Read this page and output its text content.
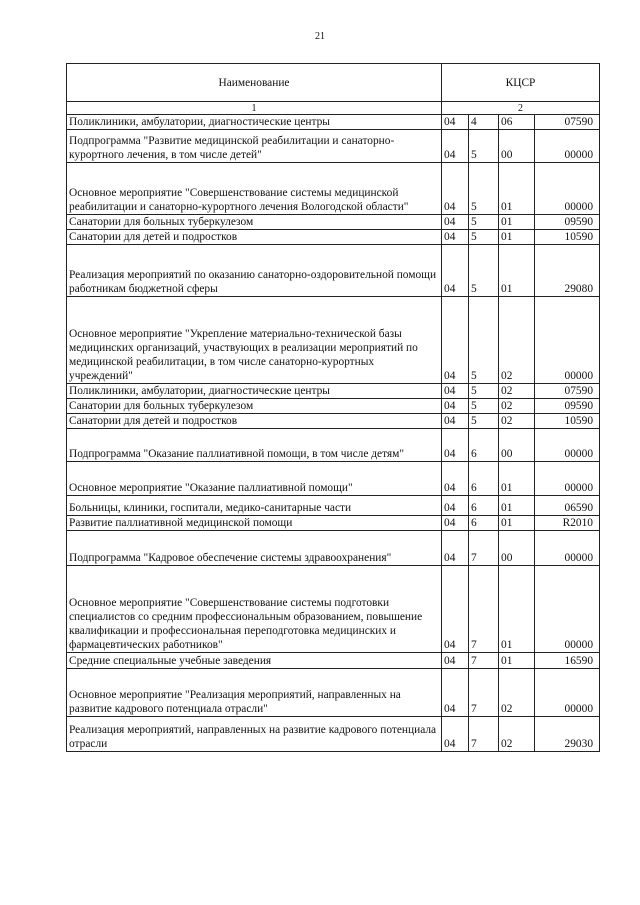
21
Наименование	КЦСР			
1	2			
Поликлиники, амбулатории, диагностические центры	04	4	06	07590
Подпрограмма "Развитие медицинской реабилитации и санаторно-курортного лечения, в том числе детей"	04	5	00	00000
Основное мероприятие "Совершенствование системы медицинской реабилитации и санаторно-курортного лечения Вологодской области"	04	5	01	00000
Санатории для больных туберкулезом	04	5	01	09590
Санатории для детей и подростков	04	5	01	10590
Реализация мероприятий по оказанию санаторно-оздоровительной помощи работникам бюджетной сферы	04	5	01	29080
Основное мероприятие "Укрепление материально-технической базы медицинских организаций, участвующих в реализации мероприятий по медицинской реабилитации, в том числе санаторно-курортных учреждений"	04	5	02	00000
Поликлиники, амбулатории, диагностические центры	04	5	02	07590
Санатории для больных туберкулезом	04	5	02	09590
Санатории для детей и подростков	04	5	02	10590
Подпрограмма "Оказание паллиативной помощи, в том числе детям"	04	6	00	00000
Основное мероприятие "Оказание паллиативной помощи"	04	6	01	00000
Больницы, клиники, госпитали, медико-санитарные части	04	6	01	06590
Развитие паллиативной медицинской помощи	04	6	01	R2010
Подпрограмма "Кадровое обеспечение системы здравоохранения"	04	7	00	00000
Основное мероприятие "Совершенствование системы подготовки специалистов со средним профессиональным образованием, повышение квалификации и профессиональная переподготовка медицинских и фармацевтических работников"	04	7	01	00000
Средние специальные учебные заведения	04	7	01	16590
Основное мероприятие "Реализация мероприятий, направленных на развитие кадрового потенциала отрасли"	04	7	02	00000
Реализация мероприятий, направленных на развитие кадрового потенциала отрасли	04	7	02	29030
